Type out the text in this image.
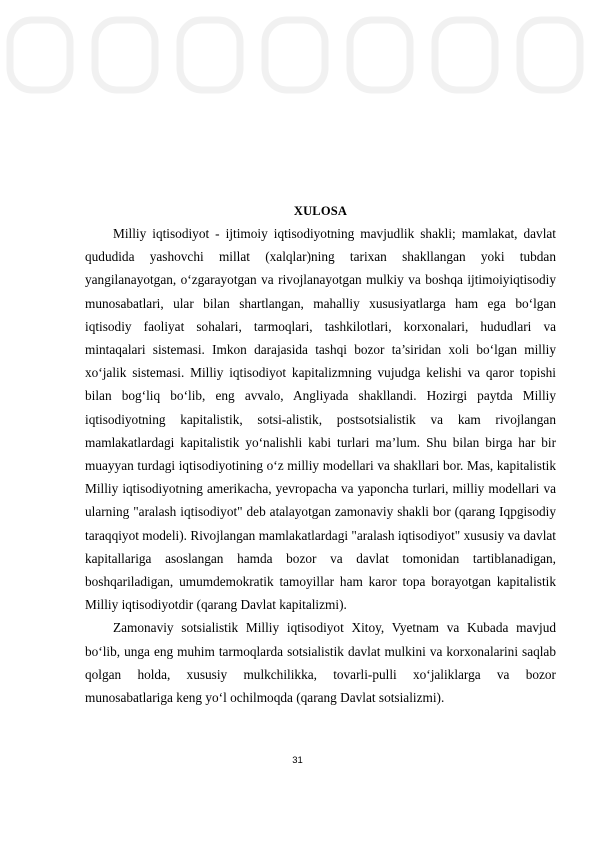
XULOSA

Milliy iqtisodiyot - ijtimoiy iqtisodiyotning mavjudlik shakli; mamlakat, davlat qududida yashovchi millat (xalqlar)ning tarixan shakllangan yoki tubdan yangilanayotgan, o‘zgarayotgan va rivojlanayotgan mulkiy va boshqa ijtimoiyiqtisodiy munosabatlari, ular bilan shartlangan, mahalliy xususiyatlarga ham ega bo‘lgan iqtisodiy faoliyat sohalari, tarmoqlari, tashkilotlari, korxonalari, hududlari va mintaqalari sistemasi. Imkon darajasida tashqi bozor ta’siridan xoli bo‘lgan milliy xo‘jalik sistemasi. Milliy iqtisodiyot kapitalizmning vujudga kelishi va qaror topishi bilan bog‘liq bo‘lib, eng avvalo, Angliyada shakllandi. Hozirgi paytda Milliy iqtisodiyotning kapitalistik, sotsi-alistik, postsotsialistik va kam rivojlangan mamlakatlardagi kapitalistik yo‘nalishli kabi turlari ma’lum. Shu bilan birga har bir muayyan turdagi iqtisodiyotining o‘z milliy modellari va shakllari bor. Mas, kapitalistik Milliy iqtisodiyotning amerikacha, yevropacha va yaponcha turlari, milliy modellari va ularning "aralash iqtisodiyot" deb atalayotgan zamonaviy shakli bor (qarang Iqpgisodiy taraqqiyot modeli). Rivojlangan mamlakatlardagi "aralash iqtisodiyot" xususiy va davlat kapitallariga asoslangan hamda bozor va davlat tomonidan tartiblanadigan, boshqariladigan, umumdemokratik tamoyillar ham karor topa borayotgan kapitalistik Milliy iqtisodiyotdir (qarang Davlat kapitalizmi).

Zamonaviy sotsialistik Milliy iqtisodiyot Xitoy, Vyetnam va Kubada mavjud bo‘lib, unga eng muhim tarmoqlarda sotsialistik davlat mulkini va korxonalarini saqlab qolgan holda, xususiy mulkchilikka, tovarli-pulli xo‘jaliklarga va bozor munosabatlariga keng yo‘l ochilmoqda (qarang Davlat sotsializmi).

31
